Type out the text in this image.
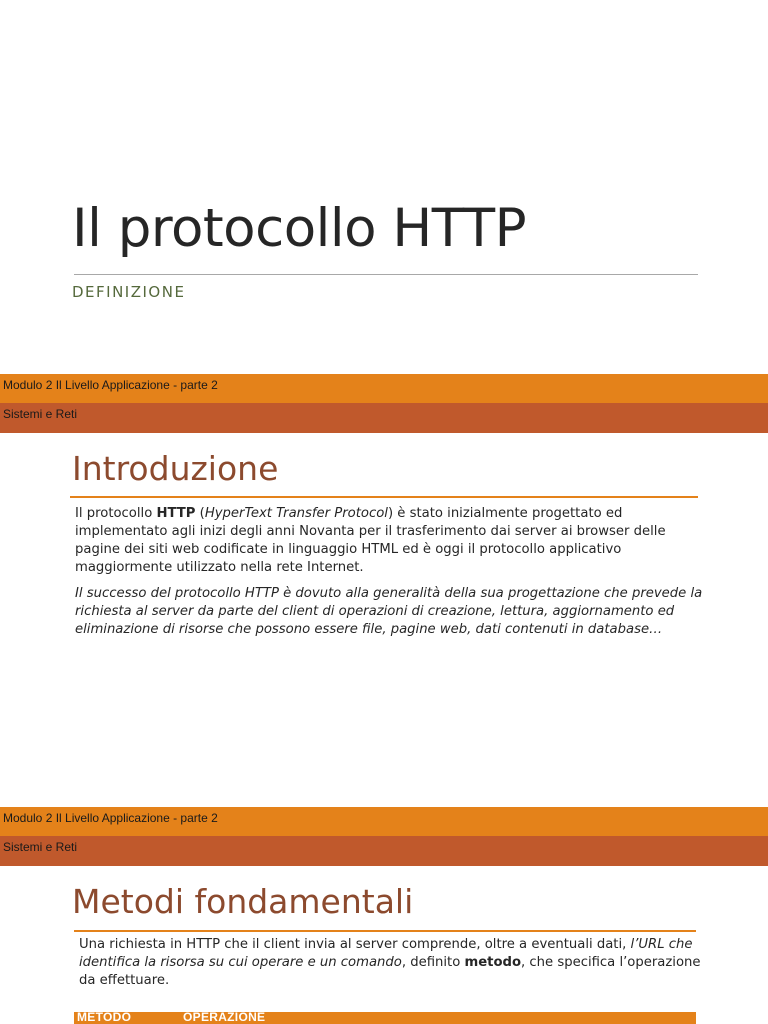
Il protocollo HTTP
DEFINIZIONE
Modulo 2 Il Livello Applicazione - parte 2
Sistemi e Reti
Introduzione

Il protocollo HTTP (HyperText Transfer Protocol) è stato inizialmente progettato ed implementato agli inizi degli anni Novanta per il trasferimento dai server ai browser delle pagine dei siti web codificate in linguaggio HTML ed è oggi il protocollo applicativo maggiormente utilizzato nella rete Internet.

Il successo del protocollo HTTP è dovuto alla generalità della sua progettazione che prevede la richiesta al server da parte del client di operazioni di creazione, lettura, aggiornamento ed eliminazione di risorse che possono essere file, pagine web, dati contenuti in database…

Modulo 2 Il Livello Applicazione - parte 2
Sistemi e Reti
Metodi fondamentali

Una richiesta in HTTP che il client invia al server comprende, oltre a eventuali dati, l’URL che identifica la risorsa su cui operare e un comando, definito metodo, che specifica l’operazione da effettuare.

METODO	OPERAZIONE
